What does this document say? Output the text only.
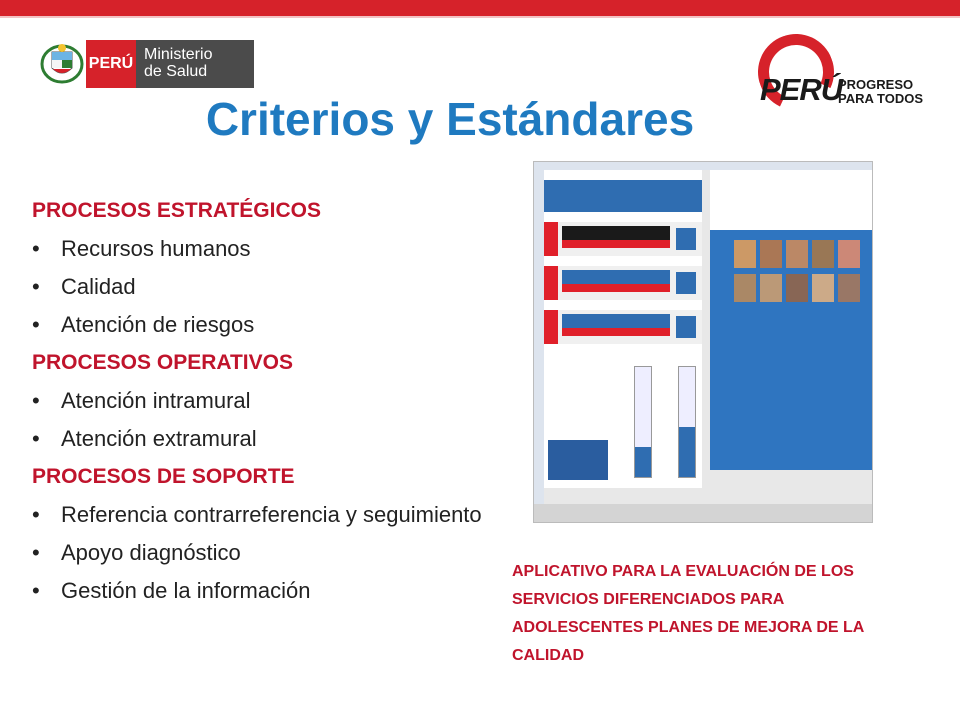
PERÚ
Ministerio
de Salud
PERÚ
PROGRESO
PARA TODOS
Criterios y Estándares
PROCESOS ESTRATÉGICOS
• Recursos humanos
• Calidad
• Atención de riesgos
PROCESOS OPERATIVOS
• Atención intramural
• Atención extramural
PROCESOS DE SOPORTE
• Referencia contrarreferencia y seguimiento
• Apoyo diagnóstico
• Gestión de la información
APLICATIVO PARA LA EVALUACIÓN DE LOS SERVICIOS DIFERENCIADOS PARA ADOLESCENTES PLANES DE MEJORA DE LA CALIDAD
